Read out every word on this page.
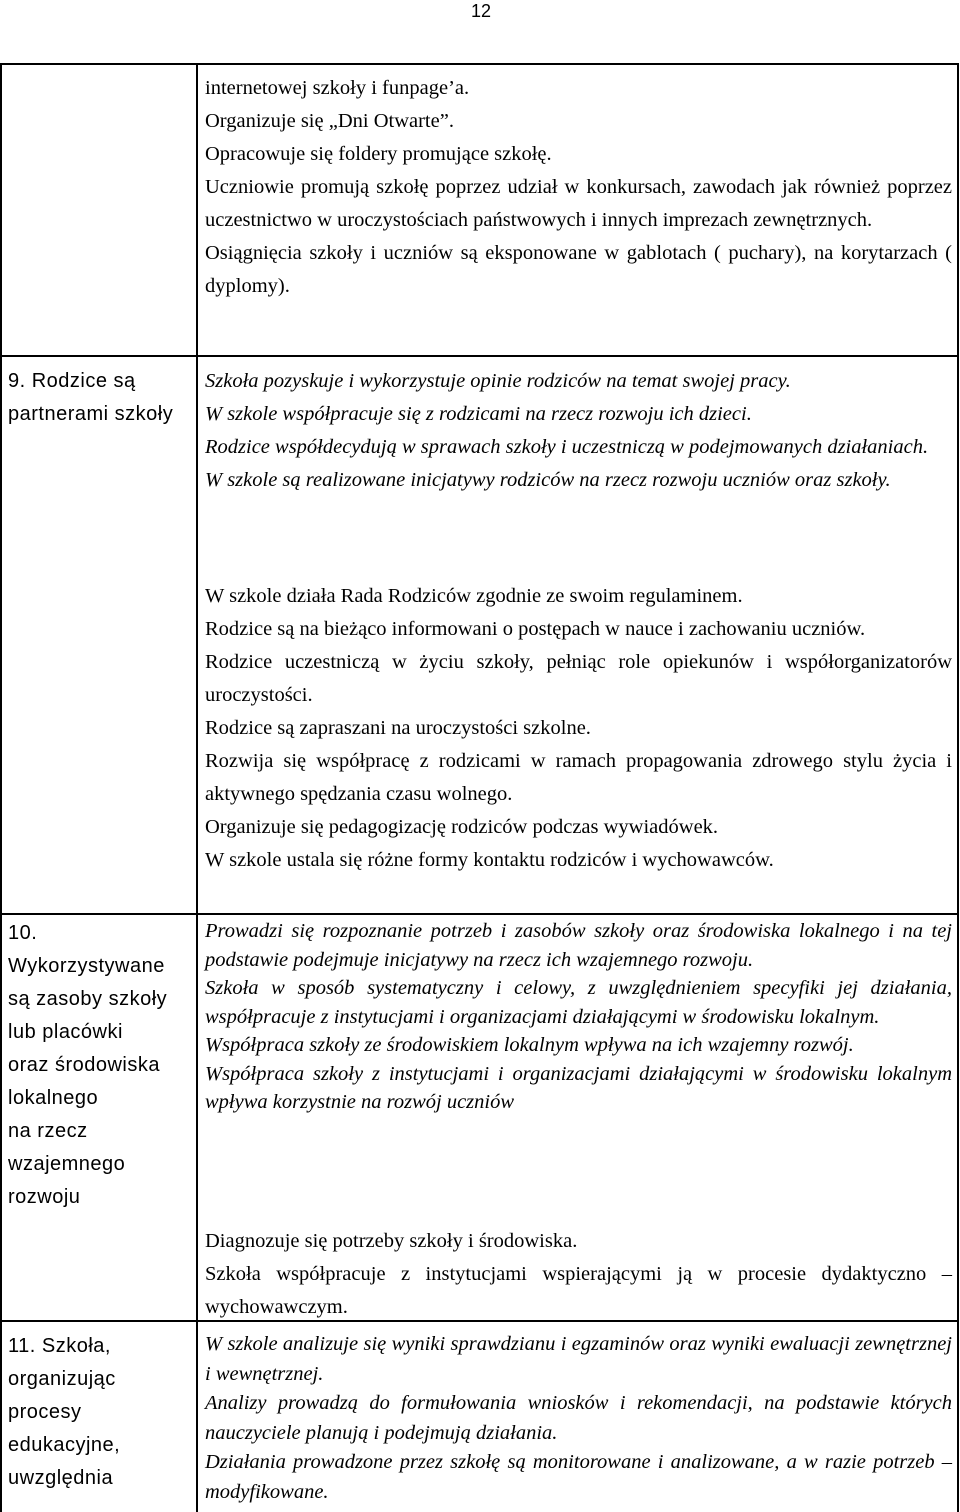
12

internetowej szkoły i funpage’a.

Organizuje się „Dni Otwarte”.

Opracowuje się foldery promujące szkołę.

Uczniowie promują szkołę poprzez udział w konkursach, zawodach jak również poprzez uczestnictwo w uroczystościach państwowych i innych imprezach zewnętrznych.

Osiągnięcia szkoły i uczniów są eksponowane w gablotach ( puchary), na korytarzach ( dyplomy).

9. Rodzice są partnerami szkoły

Szkoła pozyskuje i wykorzystuje opinie rodziców na temat swojej pracy.

W szkole współpracuje się z rodzicami na rzecz rozwoju ich dzieci.

Rodzice współdecydują w sprawach szkoły i uczestniczą w podejmowanych działaniach.

W szkole są realizowane inicjatywy rodziców na rzecz rozwoju uczniów oraz szkoły.

W szkole działa Rada Rodziców zgodnie ze swoim regulaminem.

Rodzice są na bieżąco informowani o postępach w nauce i zachowaniu uczniów.

Rodzice uczestniczą w życiu szkoły, pełniąc role opiekunów i współorganizatorów uroczystości.

Rodzice są zapraszani na uroczystości szkolne.

Rozwija się współpracę z rodzicami w ramach propagowania zdrowego stylu życia i aktywnego spędzania czasu wolnego.

Organizuje się pedagogizację rodziców podczas wywiadówek.

W szkole ustala się różne formy kontaktu rodziców i wychowawców.

10.
Wykorzystywane
są zasoby szkoły
lub placówki
oraz środowiska
lokalnego
na rzecz
wzajemnego
rozwoju

Prowadzi się rozpoznanie potrzeb i zasobów szkoły oraz środowiska lokalnego i na tej podstawie podejmuje inicjatywy na rzecz ich wzajemnego rozwoju.

Szkoła w sposób systematyczny i celowy, z uwzględnieniem specyfiki jej działania, współpracuje z instytucjami i organizacjami działającymi w środowisku lokalnym.

Współpraca szkoły ze środowiskiem lokalnym wpływa na ich wzajemny rozwój.

Współpraca szkoły z instytucjami i organizacjami działającymi w środowisku lokalnym wpływa korzystnie na rozwój uczniów

Diagnozuje się potrzeby szkoły i środowiska.

Szkoła współpracuje z instytucjami wspierającymi ją w procesie dydaktyczno – wychowawczym.

11. Szkoła,
organizując
procesy
edukacyjne,
uwzględnia

W szkole analizuje się wyniki sprawdzianu i egzaminów oraz wyniki ewaluacji zewnętrznej i wewnętrznej.

Analizy prowadzą do formułowania wniosków i rekomendacji, na podstawie których nauczyciele planują i podejmują działania.

Działania prowadzone przez szkołę są monitorowane i analizowane, a w razie potrzeb – modyfikowane.
